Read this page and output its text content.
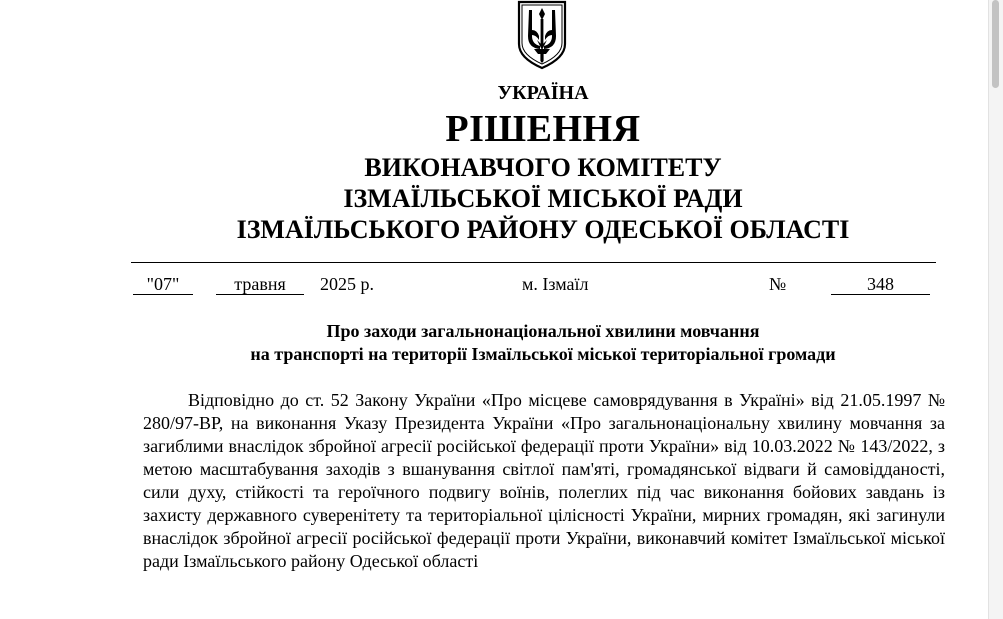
УКРАЇНА
РІШЕННЯ
ВИКОНАВЧОГО КОМІТЕТУ
ІЗМАЇЛЬСЬКОЇ МІСЬКОЇ РАДИ
ІЗМАЇЛЬСЬКОГО РАЙОНУ ОДЕСЬКОЇ ОБЛАСТІ
"07"	травня	2025 р.	м. Ізмаїл	№	348
Про заходи загальнонаціональної хвилини мовчання
на транспорті на території Ізмаїльської міської територіальної громади
Відповідно до ст. 52 Закону України «Про місцеве самоврядування в Україні» від 21.05.1997 № 280/97-ВР, на виконання Указу Президента України «Про загальнонаціональну хвилину мовчання за загиблими внаслідок збройної агресії російської федерації проти України» від 10.03.2022 № 143/2022, з метою масштабування заходів з вшанування світлої пам'яті, громадянської відваги й самовідданості, сили духу, стійкості та героїчного подвигу воїнів, полеглих під час виконання бойових завдань із захисту державного суверенітету та територіальної цілісності України, мирних громадян, які загинули внаслідок збройної агресії російської федерації проти України, виконавчий комітет Ізмаїльської міської ради Ізмаїльського району Одеської області
